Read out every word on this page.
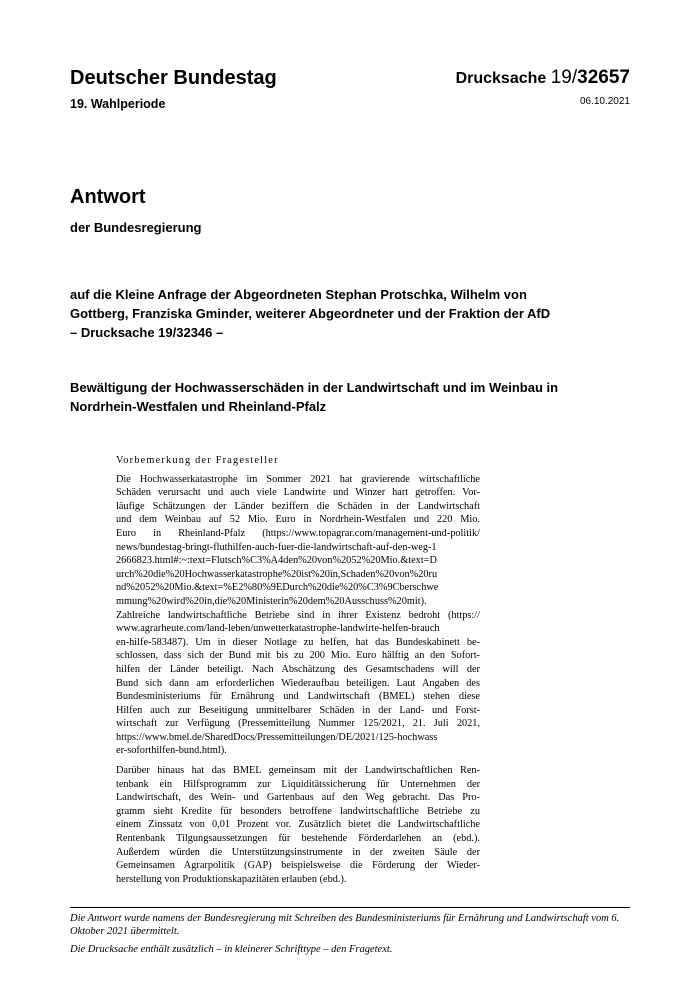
Deutscher Bundestag
19. Wahlperiode
Drucksache 19/32657
06.10.2021
Antwort
der Bundesregierung
auf die Kleine Anfrage der Abgeordneten Stephan Protschka, Wilhelm von
Gottberg, Franziska Gminder, weiterer Abgeordneter und der Fraktion der AfD
– Drucksache 19/32346 –
Bewältigung der Hochwasserschäden in der Landwirtschaft und im Weinbau in
Nordrhein-Westfalen und Rheinland-Pfalz
Vorbemerkung der Fragesteller
Die Hochwasserkatastrophe im Sommer 2021 hat gravierende wirtschaftliche
Schäden verursacht und auch viele Landwirte und Winzer hart getroffen. Vor-
läufige Schätzungen der Länder beziffern die Schäden in der Landwirtschaft
und dem Weinbau auf 52 Mio. Euro in Nordrhein-Westfalen und 220 Mio.
Euro in Rheinland-Pfalz (https://www.topagrar.com/management-und-politik/
news/bundestag-bringt-fluthilfen-auch-fuer-die-landwirtschaft-auf-den-weg-1
2666823.html#:~:text=Flutsch%C3%A4den%20von%2052%20Mio.&text=D
urch%20die%20Hochwasserkatastrophe%20ist%20in,Schaden%20von%20ru
nd%2052%20Mio.&text=%E2%80%9EDurch%20die%20%C3%9Cberschwe
mmung%20wird%20in,die%20Ministerin%20dem%20Ausschuss%20mit).
Zahlreiche landwirtschaftliche Betriebe sind in ihrer Existenz bedroht (https://
www.agrarheute.com/land-leben/unwetterkatastrophe-landwirte-helfen-brauch
en-hilfe-583487). Um in dieser Notlage zu helfen, hat das Bundeskabinett be-
schlossen, dass sich der Bund mit bis zu 200 Mio. Euro hälftig an den Sofort-
hilfen der Länder beteiligt. Nach Abschätzung des Gesamtschadens will der
Bund sich dann am erforderlichen Wiederaufbau beteiligen. Laut Angaben des
Bundesministeriums für Ernährung und Landwirtschaft (BMEL) stehen diese
Hilfen auch zur Beseitigung unmittelbarer Schäden in der Land- und Forst-
wirtschaft zur Verfügung (Pressemitteilung Nummer 125/2021, 21. Juli 2021,
https://www.bmel.de/SharedDocs/Pressemitteilungen/DE/2021/125-hochwass
er-soforthilfen-bund.html).
Darüber hinaus hat das BMEL gemeinsam mit der Landwirtschaftlichen Ren-
tenbank ein Hilfsprogramm zur Liquiditätssicherung für Unternehmen der
Landwirtschaft, des Wein- und Gartenbaus auf den Weg gebracht. Das Pro-
gramm sieht Kredite für besonders betroffene landwirtschaftliche Betriebe zu
einem Zinssatz von 0,01 Prozent vor. Zusätzlich bietet die Landwirtschaftliche
Rentenbank Tilgungsaussetzungen für bestehende Förderdarlehen an (ebd.).
Außerdem würden die Unterstützungsinstrumente in der zweiten Säule der
Gemeinsamen Agrarpolitik (GAP) beispielsweise die Förderung der Wieder-
herstellung von Produktionskapazitäten erlauben (ebd.).
Die Antwort wurde namens der Bundesregierung mit Schreiben des Bundesministeriums für Ernährung und Landwirtschaft vom 6. Oktober 2021 übermittelt.
Die Drucksache enthält zusätzlich – in kleinerer Schrifttype – den Fragetext.
